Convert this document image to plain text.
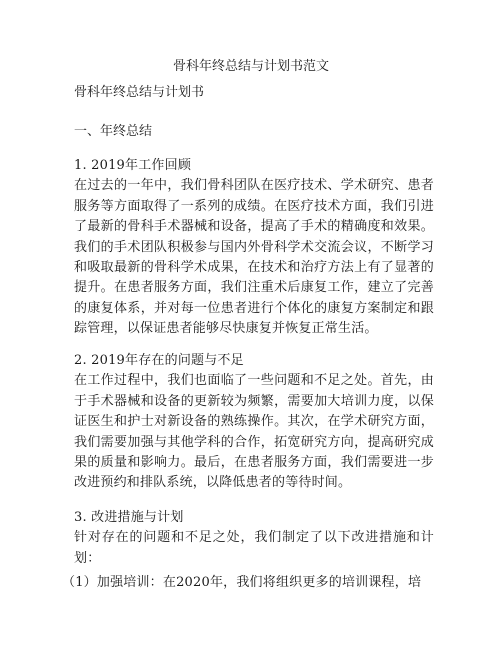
骨科年终总结与计划书范文
骨科年终总结与计划书
一、年终总结
1. 2019年工作回顾
在过去的一年中，我们骨科团队在医疗技术、学术研究、患者服务等方面取得了一系列的成绩。在医疗技术方面，我们引进了最新的骨科手术器械和设备，提高了手术的精确度和效果。我们的手术团队积极参与国内外骨科学术交流会议，不断学习和吸取最新的骨科学术成果，在技术和治疗方法上有了显著的提升。在患者服务方面，我们注重术后康复工作，建立了完善的康复体系，并对每一位患者进行个体化的康复方案制定和跟踪管理，以保证患者能够尽快康复并恢复正常生活。
2. 2019年存在的问题与不足
在工作过程中，我们也面临了一些问题和不足之处。首先，由于手术器械和设备的更新较为频繁，需要加大培训力度，以保证医生和护士对新设备的熟练操作。其次，在学术研究方面，我们需要加强与其他学科的合作，拓宽研究方向，提高研究成果的质量和影响力。最后，在患者服务方面，我们需要进一步改进预约和排队系统，以降低患者的等待时间。
3. 改进措施与计划
针对存在的问题和不足之处，我们制定了以下改进措施和计划：
（1）加强培训：在2020年，我们将组织更多的培训课程，培
